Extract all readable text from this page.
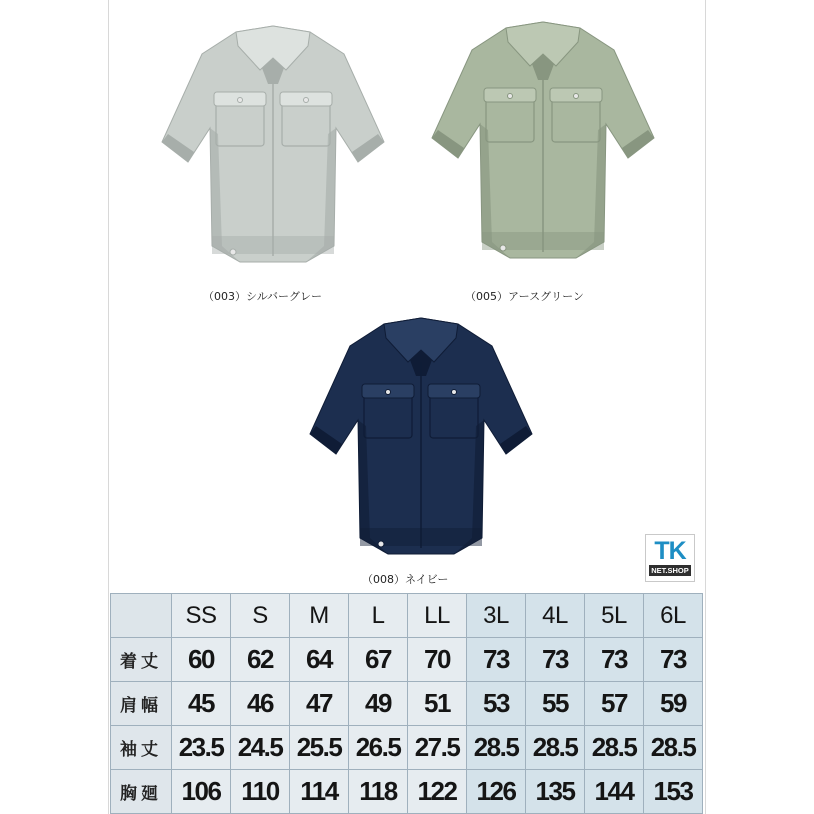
（003）シルバーグレー	（005）アースグリーン
（008）ネイビー
TK
NET.SHOP
	SS	S	M	L	LL	3L	4L	5L	6L
着丈	60	62	64	67	70	73	73	73	73
肩幅	45	46	47	49	51	53	55	57	59
袖丈	23.5	24.5	25.5	26.5	27.5	28.5	28.5	28.5	28.5
胸廻	106	110	114	118	122	126	135	144	153
